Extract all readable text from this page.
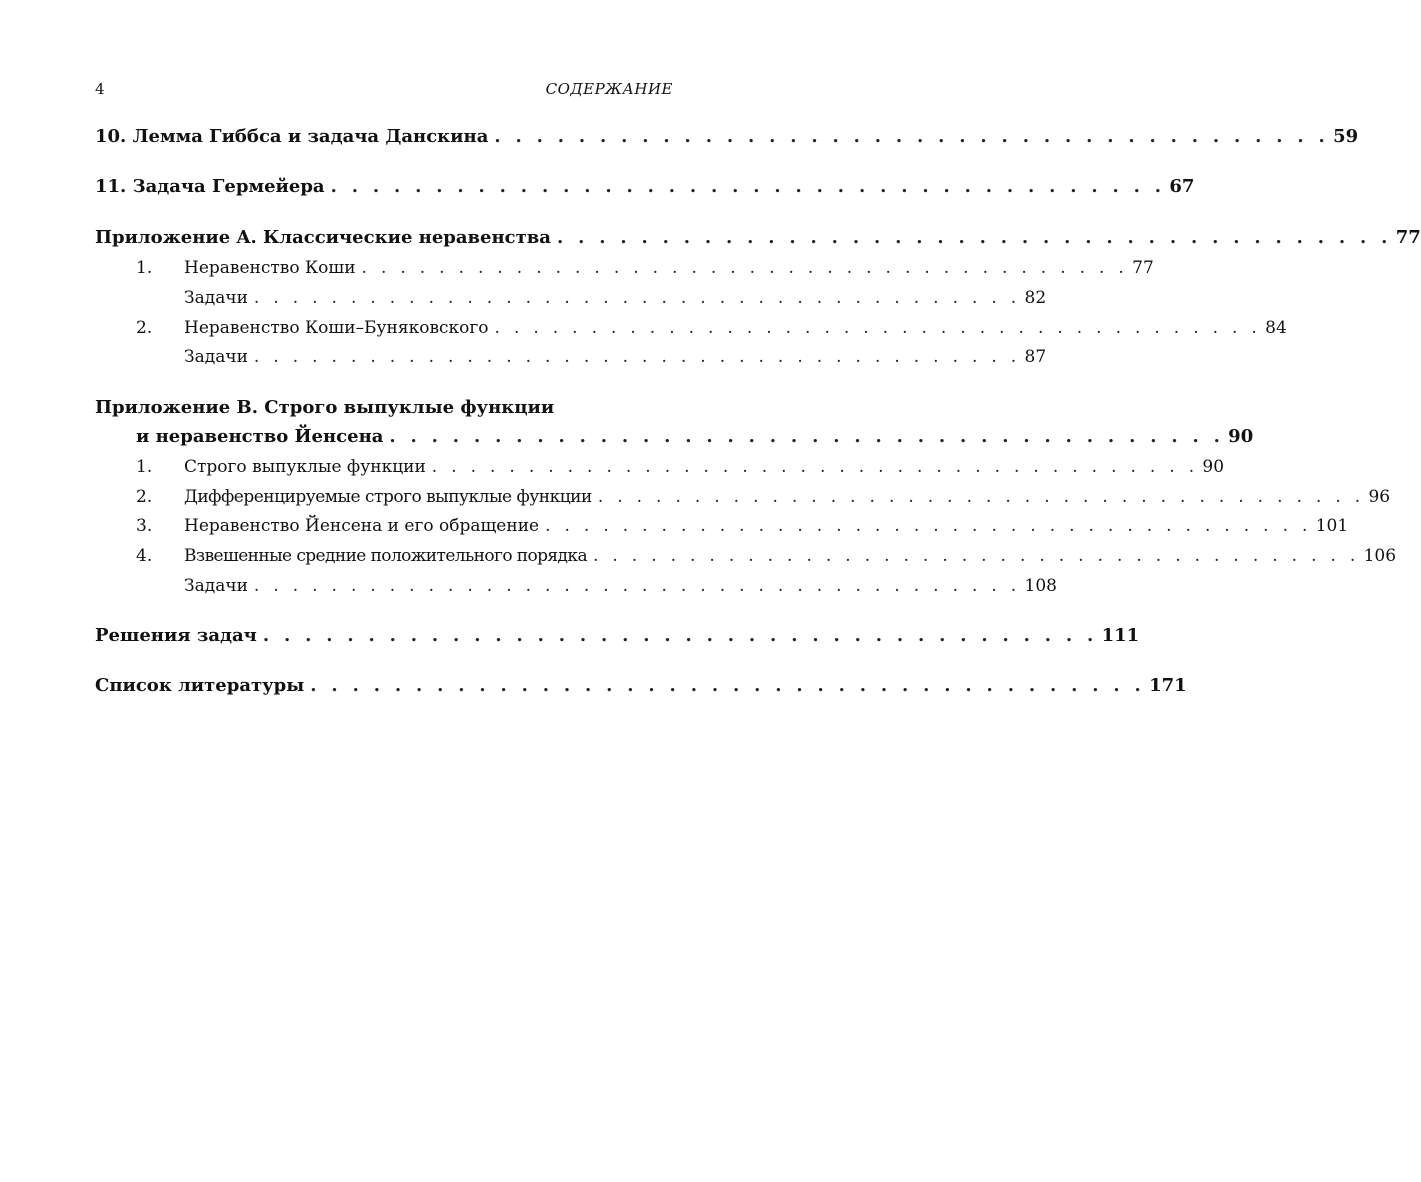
4	СОДЕРЖАНИЕ
10. Лемма Гиббса и задача Данскина . . . . . . . . . . . . . . . . . . . . . . . . . . . . . . . . . . . . . . . . 59
11. Задача Гермейера . . . . . . . . . . . . . . . . . . . . . . . . . . . . . . . . . . . . . . . . 67
Приложение A. Классические неравенства . . . . . . . . . . . . . . . . . . . . . . . . . . . . . . . . . . . . . . . . 77
1.	Неравенство Коши . . . . . . . . . . . . . . . . . . . . . . . . . . . . . . . . . . . . . . . . 77
Задачи . . . . . . . . . . . . . . . . . . . . . . . . . . . . . . . . . . . . . . . . 82
2.	Неравенство Коши–Буняковского . . . . . . . . . . . . . . . . . . . . . . . . . . . . . . . . . . . . . . . . 84
Задачи . . . . . . . . . . . . . . . . . . . . . . . . . . . . . . . . . . . . . . . . 87
Приложение B. Строго выпуклые функции
и неравенство Йенсена . . . . . . . . . . . . . . . . . . . . . . . . . . . . . . . . . . . . . . . . 90
1.	Строго выпуклые функции . . . . . . . . . . . . . . . . . . . . . . . . . . . . . . . . . . . . . . . . 90
2.	Дифференцируемые строго выпуклые функции . . . . . . . . . . . . . . . . . . . . . . . . . . . . . . . . . . . . . . . . 96
3.	Неравенство Йенсена и его обращение . . . . . . . . . . . . . . . . . . . . . . . . . . . . . . . . . . . . . . . . 101
4.	Взвешенные средние положительного порядка . . . . . . . . . . . . . . . . . . . . . . . . . . . . . . . . . . . . . . . . 106
Задачи . . . . . . . . . . . . . . . . . . . . . . . . . . . . . . . . . . . . . . . . 108
Решения задач . . . . . . . . . . . . . . . . . . . . . . . . . . . . . . . . . . . . . . . . 111
Список литературы . . . . . . . . . . . . . . . . . . . . . . . . . . . . . . . . . . . . . . . . 171
